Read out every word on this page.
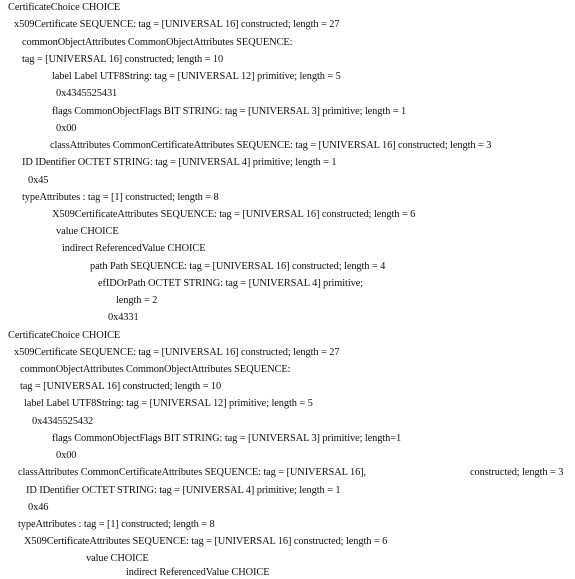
CertificateChoice CHOICE
x509Certificate SEQUENCE: tag = [UNIVERSAL 16] constructed; length = 27
commonObjectAttributes CommonObjectAttributes SEQUENCE:
tag = [UNIVERSAL 16] constructed; length = 10
label Label UTF8String: tag = [UNIVERSAL 12] primitive; length = 5
0x4345525431
flags CommonObjectFlags BIT STRING: tag = [UNIVERSAL 3] primitive; length = 1
0x00
classAttributes CommonCertificateAttributes SEQUENCE: tag = [UNIVERSAL 16] constructed; length = 3
ID IDentifier OCTET STRING: tag = [UNIVERSAL 4] primitive; length = 1
0x45
typeAttributes : tag = [1] constructed; length = 8
X509CertificateAttributes SEQUENCE: tag = [UNIVERSAL 16] constructed; length = 6
value CHOICE
indirect ReferencedValue CHOICE
path Path SEQUENCE: tag = [UNIVERSAL 16] constructed; length = 4
efIDOrPath OCTET STRING: tag = [UNIVERSAL 4] primitive;
length = 2
0x4331
CertificateChoice CHOICE
x509Certificate SEQUENCE: tag = [UNIVERSAL 16] constructed; length = 27
commonObjectAttributes CommonObjectAttributes SEQUENCE:
tag = [UNIVERSAL 16] constructed; length = 10
label Label UTF8String: tag = [UNIVERSAL 12] primitive; length = 5
0x4345525432
flags CommonObjectFlags BIT STRING: tag = [UNIVERSAL 3] primitive; length=1
0x00
classAttributes CommonCertificateAttributes SEQUENCE: tag = [UNIVERSAL 16],	constructed; length = 3
ID IDentifier OCTET STRING: tag = [UNIVERSAL 4] primitive; length = 1
0x46
typeAttributes : tag = [1] constructed; length = 8
X509CertificateAttributes SEQUENCE: tag = [UNIVERSAL 16] constructed; length = 6
value CHOICE
indirect ReferencedValue CHOICE
